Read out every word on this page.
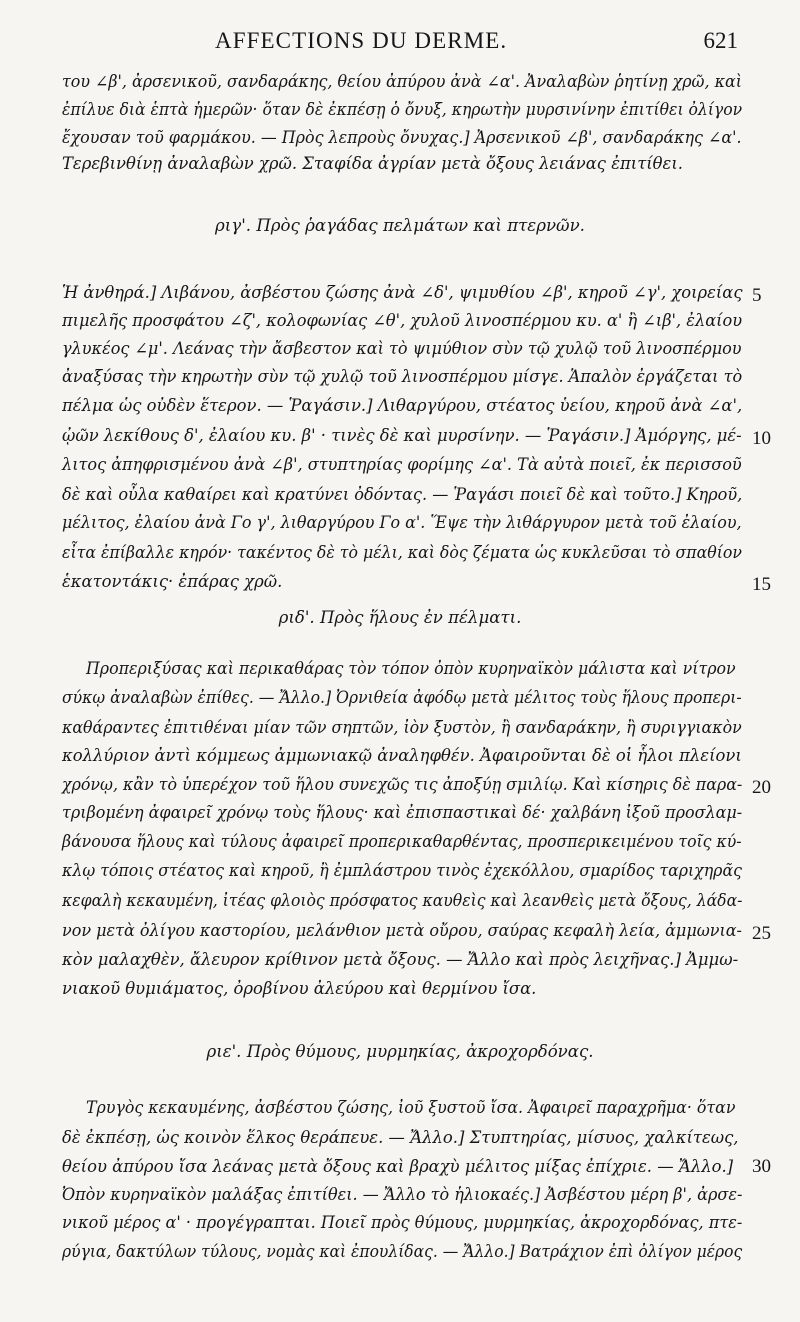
AFFECTIONS DU DERME.	621
του ∠β', ἀρσενικοῦ, σανδαράκης, θείου ἀπύρου ἀνὰ ∠α'. Ἀναλαβὼν ῥητίνῃ χρῶ, καὶ
ἐπίλυε διὰ ἑπτὰ ἡμερῶν· ὅταν δὲ ἐκπέσῃ ὁ ὄνυξ, κηρωτὴν μυρσινίνην ἐπιτίθει ὀλίγον
ἔχουσαν τοῦ φαρμάκου. — Πρὸς λεπροὺς ὄνυχας.] Ἀρσενικοῦ ∠β', σανδαράκης ∠α'.
Τερεβινθίνῃ ἀναλαβὼν χρῶ. Σταφίδα ἀγρίαν μετὰ ὄξους λειάνας ἐπιτίθει.
ριγ'. Πρὸς ῥαγάδας πελμάτων καὶ πτερνῶν.
Ἡ ἀνθηρά.] Λιβάνου, ἀσβέστου ζώσης ἀνὰ ∠δ', ψιμυθίου ∠β', κηροῦ ∠γ', χοιρείας
πιμελῆς προσφάτου ∠ζ', κολοφωνίας ∠θ', χυλοῦ λινοσπέρμου κυ. α' ἢ ∠ιβ', ἐλαίου
γλυκέος ∠μ'. Λεάνας τὴν ἄσβεστον καὶ τὸ ψιμύθιον σὺν τῷ χυλῷ τοῦ λινοσπέρμου
ἀναξύσας τὴν κηρωτὴν σὺν τῷ χυλῷ τοῦ λινοσπέρμου μίσγε. Ἁπαλὸν ἐργάζεται τὸ
πέλμα ὡς οὐδὲν ἕτερον. — Ῥαγάσιν.] Λιθαργύρου, στέατος ὑείου, κηροῦ ἀνὰ ∠α',
ᾠῶν λεκίθους δ', ἐλαίου κυ. β' · τινὲς δὲ καὶ μυρσίνην. — Ῥαγάσιν.] Ἀμόργης, μέ-
λιτος ἀπηφρισμένου ἀνὰ ∠β', στυπτηρίας φορίμης ∠α'. Τὰ αὐτὰ ποιεῖ, ἐκ περισσοῦ
δὲ καὶ οὖλα καθαίρει καὶ κρατύνει ὀδόντας. — Ῥαγάσι ποιεῖ δὲ καὶ τοῦτο.] Κηροῦ,
μέλιτος, ἐλαίου ἀνὰ Γο γ', λιθαργύρου Γο α'. Ἕψε τὴν λιθάργυρον μετὰ τοῦ ἐλαίου,
εἶτα ἐπίβαλλε κηρόν· τακέντος δὲ τὸ μέλι, καὶ δὸς ζέματα ὡς κυκλεῦσαι τὸ σπαθίον
ἑκατοντάκις· ἐπάρας χρῶ.
ριδ'. Πρὸς ἥλους ἐν πέλματι.
Προπεριξύσας καὶ περικαθάρας τὸν τόπον ὀπὸν κυρηναϊκὸν μάλιστα καὶ νίτρον
σύκῳ ἀναλαβὼν ἐπίθες. — Ἄλλο.] Ὀρνιθεία ἀφόδῳ μετὰ μέλιτος τοὺς ἥλους προπερι-
καθάραντες ἐπιτιθέναι μίαν τῶν σηπτῶν, ἰὸν ξυστὸν, ἢ σανδαράκην, ἢ συριγγιακὸν
κολλύριον ἀντὶ κόμμεως ἀμμωνιακῷ ἀναληφθέν. Ἀφαιροῦνται δὲ οἱ ἧλοι πλείονι
χρόνῳ, κἂν τὸ ὑπερέχον τοῦ ἥλου συνεχῶς τις ἀποξύῃ σμιλίῳ. Καὶ κίσηρις δὲ παρα-
τριβομένη ἀφαιρεῖ χρόνῳ τοὺς ἥλους· καὶ ἐπισπαστικαὶ δέ· χαλβάνη ἰξοῦ προσλαμ-
βάνουσα ἥλους καὶ τύλους ἀφαιρεῖ προπερικαθαρθέντας, προσπερικειμένου τοῖς κύ-
κλῳ τόποις στέατος καὶ κηροῦ, ἢ ἐμπλάστρου τινὸς ἐχεκόλλου, σμαρίδος ταριχηρᾶς
κεφαλὴ κεκαυμένη, ἰτέας φλοιὸς πρόσφατος καυθεὶς καὶ λεανθεὶς μετὰ ὄξους, λάδα-
νον μετὰ ὀλίγου καστορίου, μελάνθιον μετὰ οὔρου, σαύρας κεφαλὴ λεία, ἀμμωνια-
κὸν μαλαχθὲν, ἄλευρον κρίθινον μετὰ ὄξους. — Ἄλλο καὶ πρὸς λειχῆνας.] Ἀμμω-
νιακοῦ θυμιάματος, ὀροβίνου ἀλεύρου καὶ θερμίνου ἴσα.
ριε'. Πρὸς θύμους, μυρμηκίας, ἀκροχορδόνας.
Τρυγὸς κεκαυμένης, ἀσβέστου ζώσης, ἰοῦ ξυστοῦ ἴσα. Ἀφαιρεῖ παραχρῆμα· ὅταν
δὲ ἐκπέσῃ, ὡς κοινὸν ἕλκος θεράπευε. — Ἄλλο.] Στυπτηρίας, μίσυος, χαλκίτεως,
θείου ἀπύρου ἴσα λεάνας μετὰ ὄξους καὶ βραχὺ μέλιτος μίξας ἐπίχριε. — Ἄλλο.]
Ὀπὸν κυρηναϊκὸν μαλάξας ἐπιτίθει. — Ἄλλο τὸ ἡλιοκαές.] Ἀσβέστου μέρη β', ἀρσε-
νικοῦ μέρος α' · προγέγραπται. Ποιεῖ πρὸς θύμους, μυρμηκίας, ἀκροχορδόνας, πτε-
ρύγια, δακτύλων τύλους, νομὰς καὶ ἐπουλίδας. — Ἄλλο.] Βατράχιον ἐπὶ ὀλίγον μέρος
5
10
15
20
25
30
